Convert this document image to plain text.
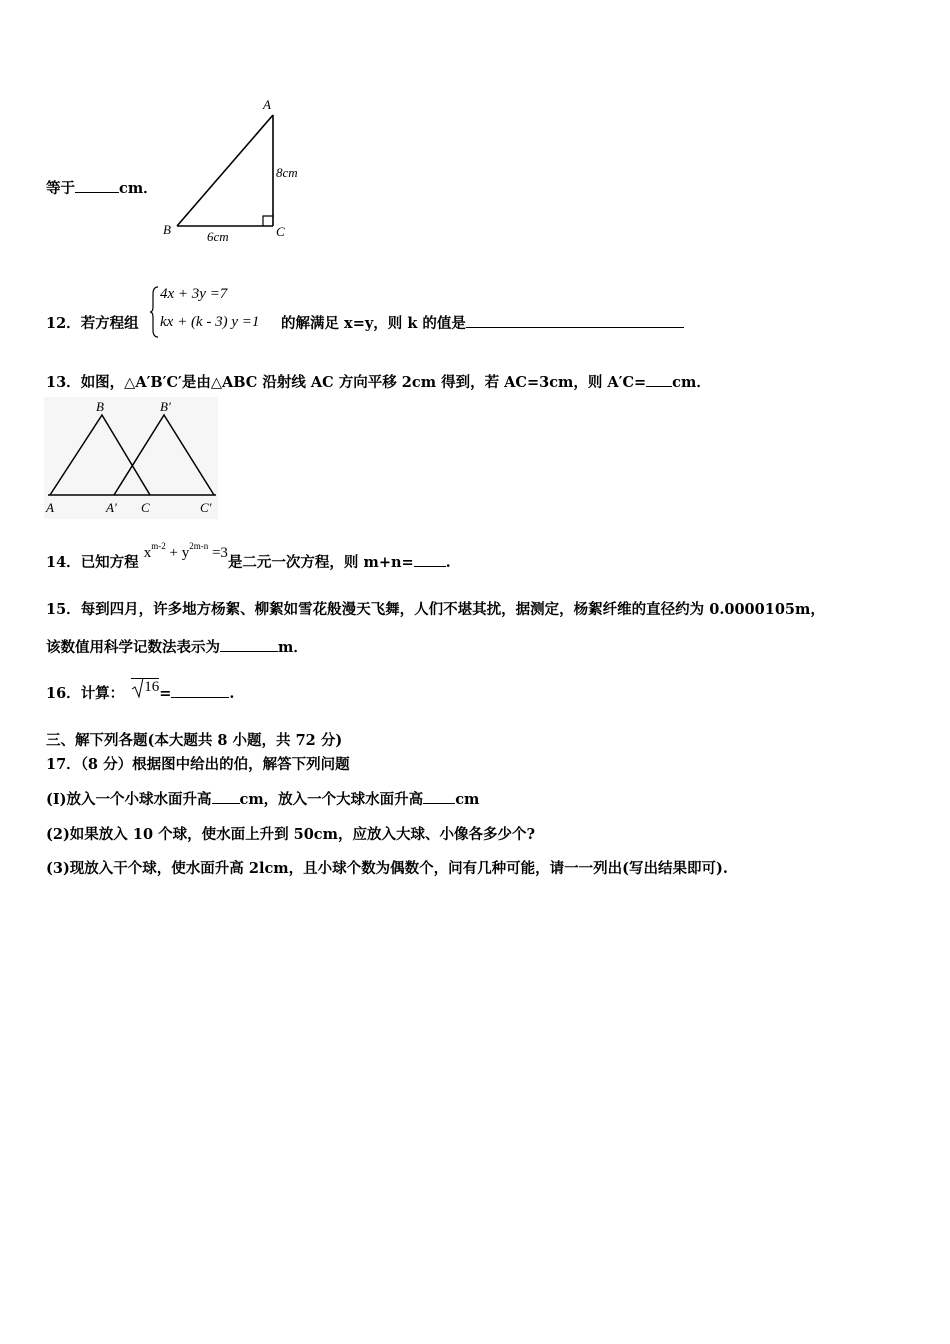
等于	cm．
A
B	C
8cm
6cm
12．若方程组
4x + 3y =7
kx + (k - 3) y =1 的解满足 x=y，则 k 的值是
13．如图，△A′B′C′是由△ABC 沿射线 AC 方向平移 2cm 得到，若 AC=3cm，则 A′C= cm．
B	B′
A	A′ C	C′
14．已知方程 $x^{m-2} + y^{2m-n} =3$是二元一次方程，则 m+n= .
15．每到四月，许多地方杨絮、柳絮如雪花般漫天飞舞，人们不堪其扰，据测定，杨絮纤维的直径约为 0.0000105m，
该数值用科学记数法表示为	m．
16．计算： 16=	.
三、解下列各题(本大题共 8 小题，共 72 分)
17．（8 分）根据图中给出的伯，解答下列问题
(I)放入一个小球水面升高 cm，放入一个大球水面升高 cm
(2)如果放入 10 个球，使水面上升到 50cm，应放入大球、小像各多少个?
(3)现放入干个球，使水面升高 2lcm，且小球个数为偶数个，问有几种可能，请一一列出(写出结果即可).
